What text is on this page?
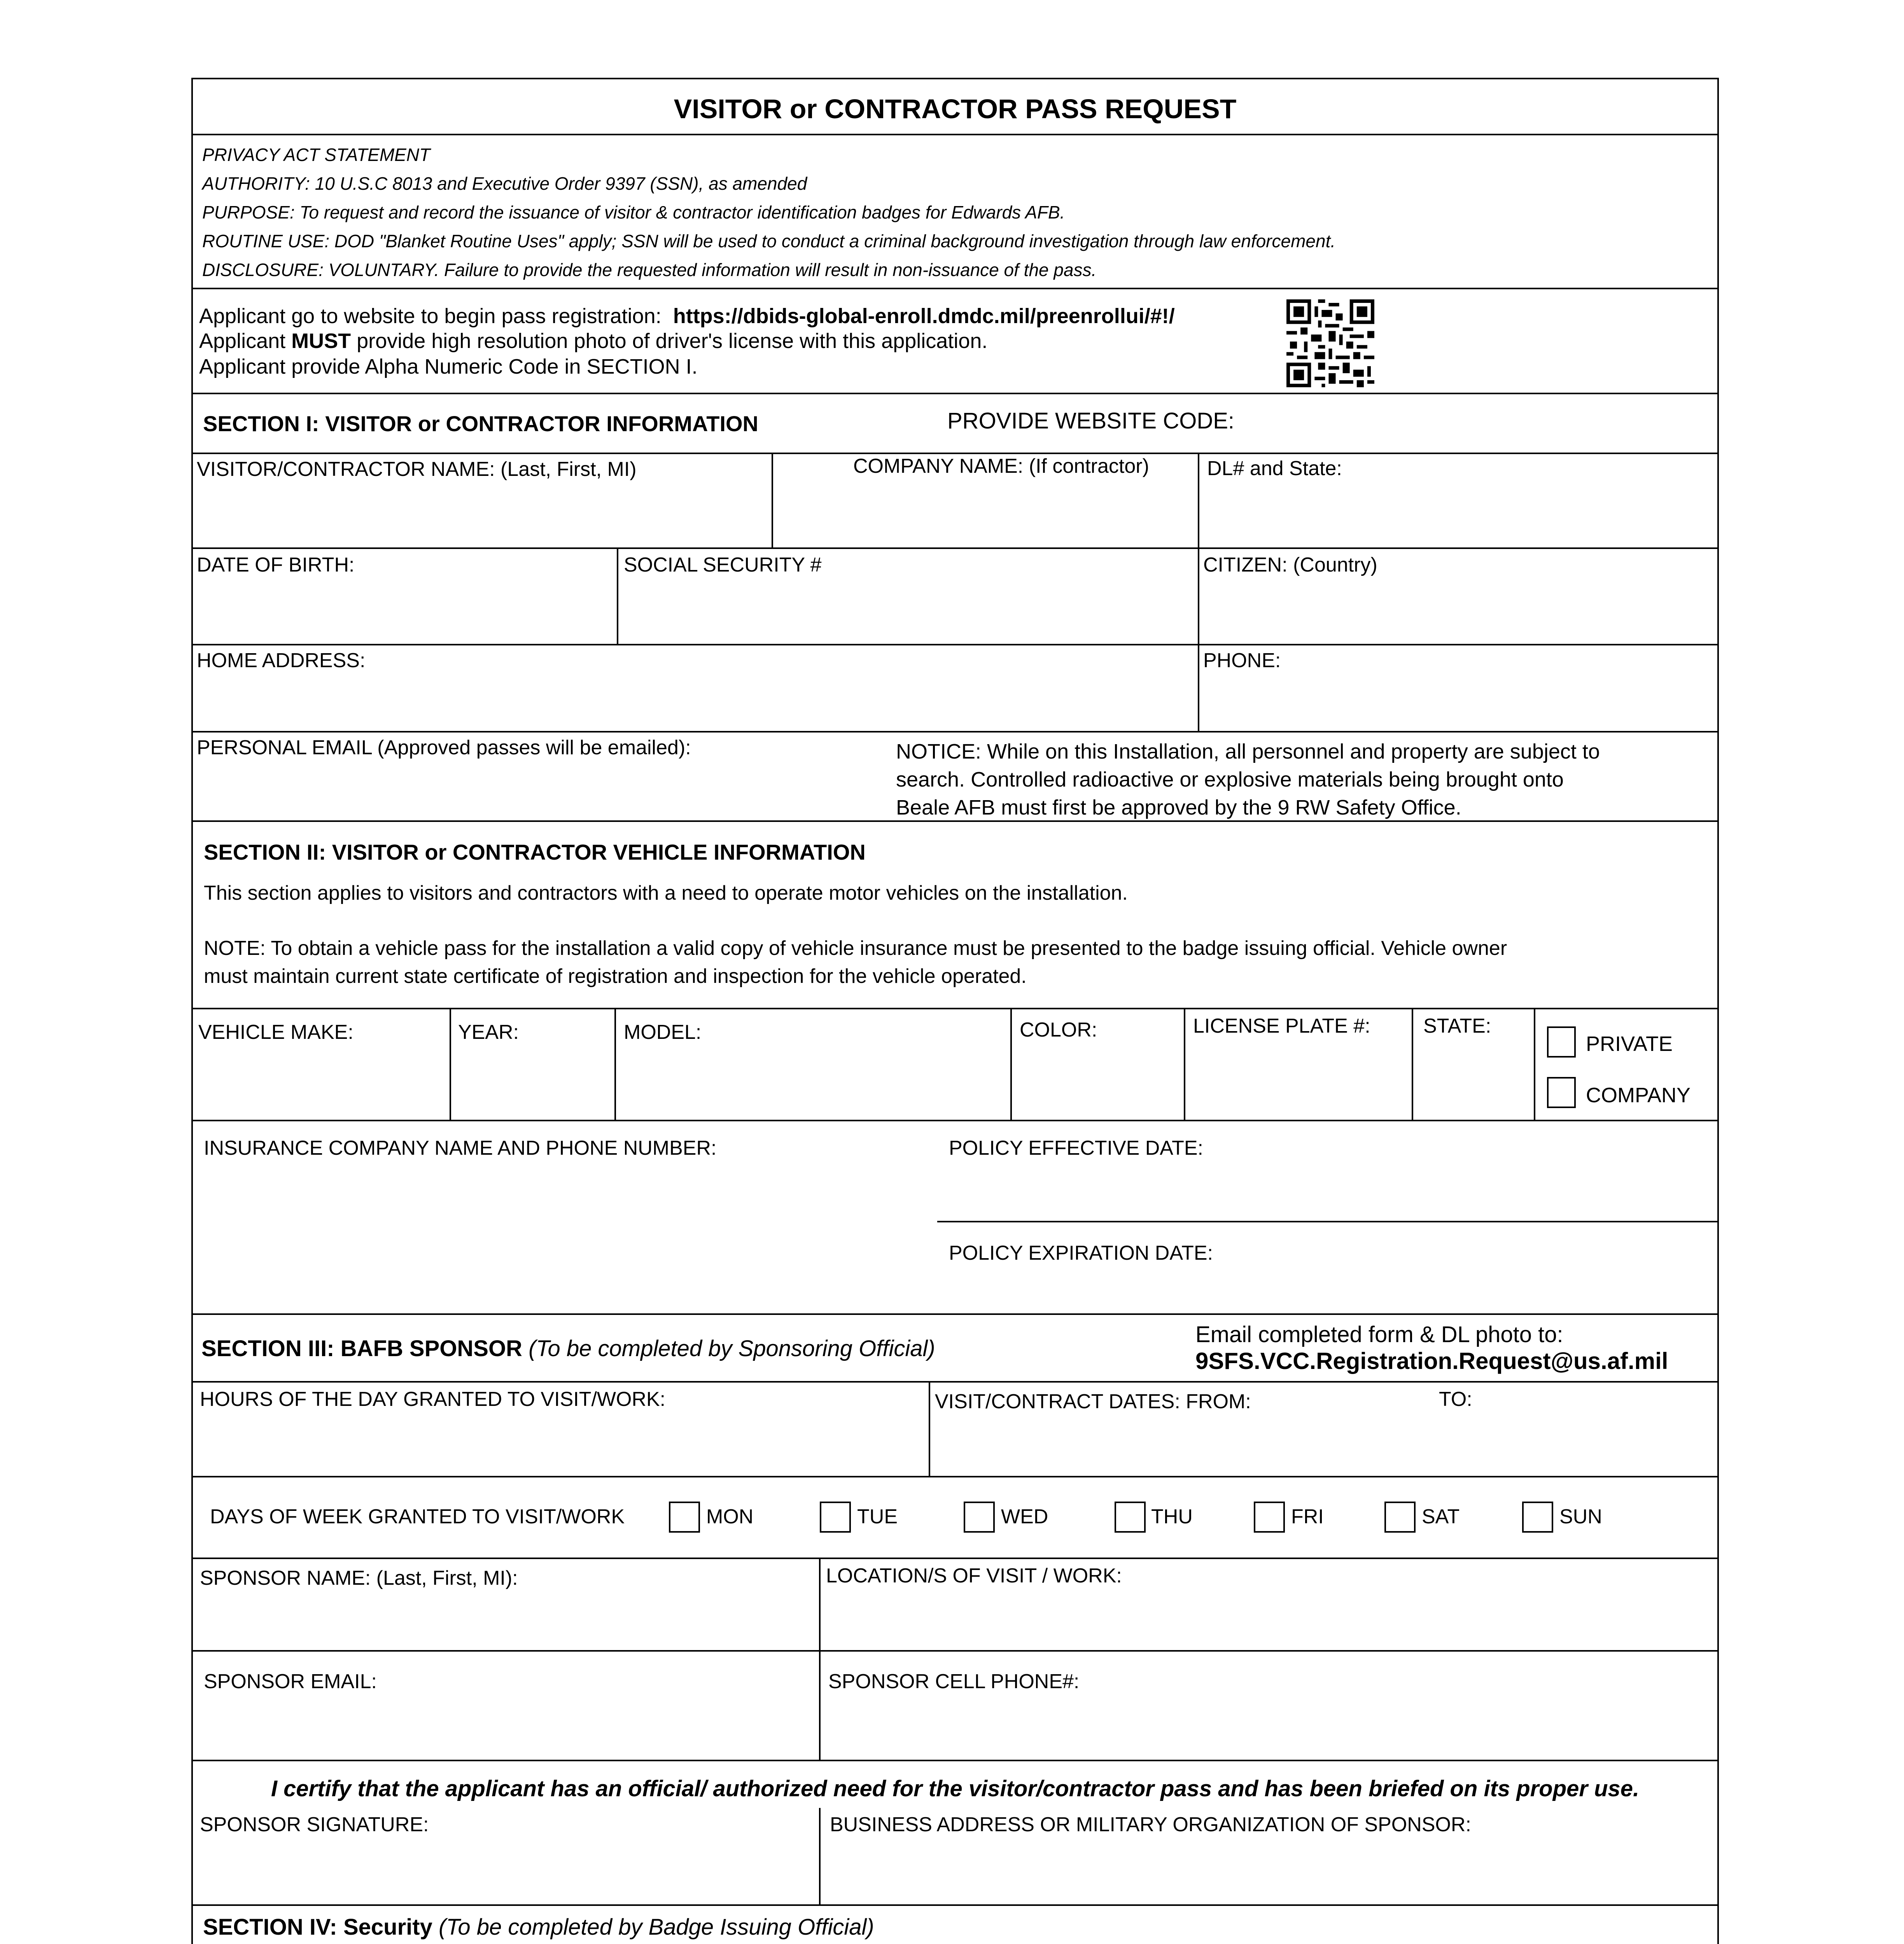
VISITOR or CONTRACTOR PASS REQUEST
PRIVACY ACT STATEMENT
AUTHORITY: 10 U.S.C 8013 and Executive Order 9397 (SSN), as amended
PURPOSE: To request and record the issuance of visitor & contractor identification badges for Edwards AFB.
ROUTINE USE: DOD "Blanket Routine Uses" apply; SSN will be used to conduct a criminal background investigation through law enforcement.
DISCLOSURE: VOLUNTARY. Failure to provide the requested information will result in non-issuance of the pass.
Applicant go to website to begin pass registration: https://dbids-global-enroll.dmdc.mil/preenrollui/#!/
Applicant MUST provide high resolution photo of driver's license with this application.
Applicant provide Alpha Numeric Code in SECTION I.
SECTION I: VISITOR or CONTRACTOR INFORMATION	PROVIDE WEBSITE CODE:
VISITOR/CONTRACTOR NAME: (Last, First, MI)	COMPANY NAME: (If contractor)	DL# and State:
DATE OF BIRTH:	SOCIAL SECURITY #	CITIZEN: (Country)
HOME ADDRESS:	PHONE:
PERSONAL EMAIL (Approved passes will be emailed):	NOTICE: While on this Installation, all personnel and property are subject to
search. Controlled radioactive or explosive materials being brought onto
Beale AFB must first be approved by the 9 RW Safety Office.
SECTION II: VISITOR or CONTRACTOR VEHICLE INFORMATION
This section applies to visitors and contractors with a need to operate motor vehicles on the installation.
NOTE: To obtain a vehicle pass for the installation a valid copy of vehicle insurance must be presented to the badge issuing official. Vehicle owner
must maintain current state certificate of registration and inspection for the vehicle operated.
VEHICLE MAKE:	YEAR:	MODEL:	COLOR:	LICENSE PLATE #:	STATE:
PRIVATE
COMPANY
INSURANCE COMPANY NAME AND PHONE NUMBER:	POLICY EFFECTIVE DATE:
POLICY EXPIRATION DATE:
SECTION III: BAFB SPONSOR (To be completed by Sponsoring Official)
Email completed form & DL photo to:
9SFS.VCC.Registration.Request@us.af.mil
HOURS OF THE DAY GRANTED TO VISIT/WORK:	VISIT/CONTRACT DATES: FROM:	TO:
DAYS OF WEEK GRANTED TO VISIT/WORK	MON	TUE	WED	THU	FRI	SAT	SUN
SPONSOR NAME: (Last, First, MI):	LOCATION/S OF VISIT / WORK:
SPONSOR EMAIL:	SPONSOR CELL PHONE#:
I certify that the applicant has an official/ authorized need for the visitor/contractor pass and has been briefed on its proper use.
SPONSOR SIGNATURE:	BUSINESS ADDRESS OR MILITARY ORGANIZATION OF SPONSOR:
SECTION IV: Security (To be completed by Badge Issuing Official)
